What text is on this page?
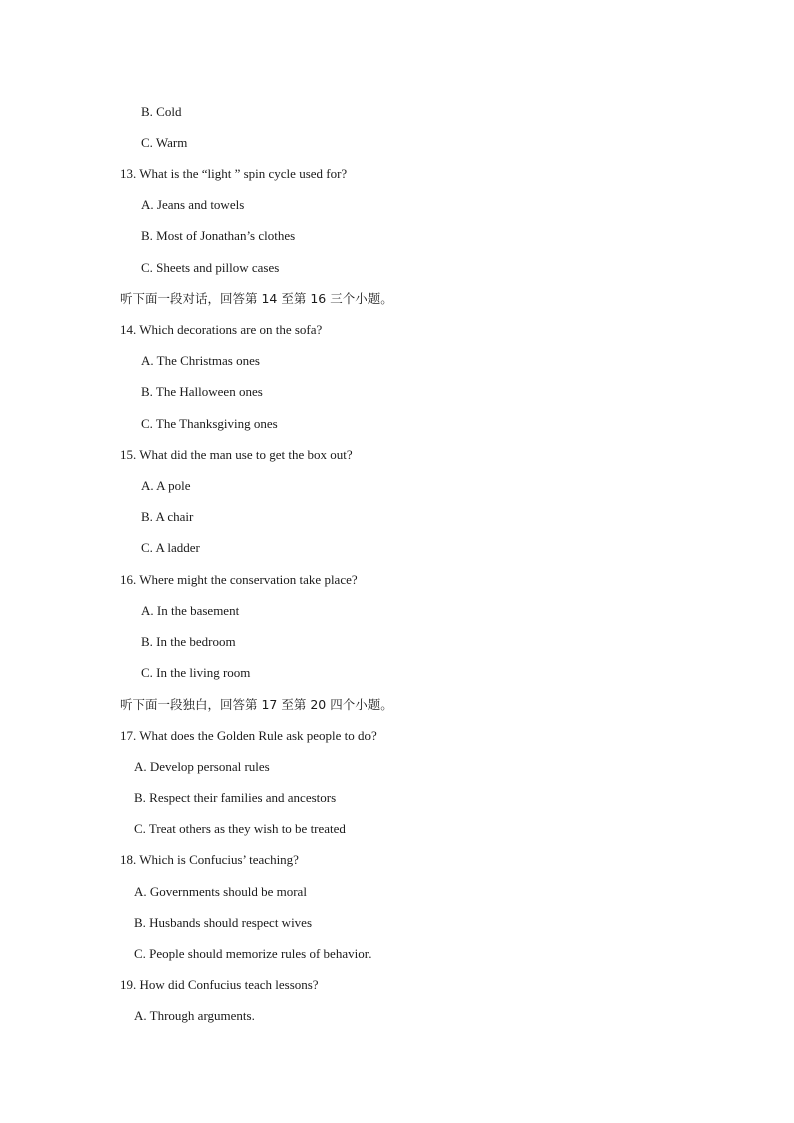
B. Cold
C. Warm
13. What is the “light ” spin cycle used for?
A. Jeans and towels
B. Most of Jonathan’s clothes
C. Sheets and pillow cases
听下面一段对话，回答第 14 至第 16 三个小题。
14. Which decorations are on the sofa?
A. The Christmas ones
B. The Halloween ones
C. The Thanksgiving ones
15. What did the man use to get the box out?
A. A pole
B. A chair
C. A ladder
16. Where might the conservation take place?
A. In the basement
B. In the bedroom
C. In the living room
听下面一段独白，回答第 17 至第 20 四个小题。
17. What does the Golden Rule ask people to do?
A. Develop personal rules
B. Respect their families and ancestors
C. Treat others as they wish to be treated
18. Which is Confucius’ teaching?
A. Governments should be moral
B. Husbands should respect wives
C. People should memorize rules of behavior.
19. How did Confucius teach lessons?
A. Through arguments.
